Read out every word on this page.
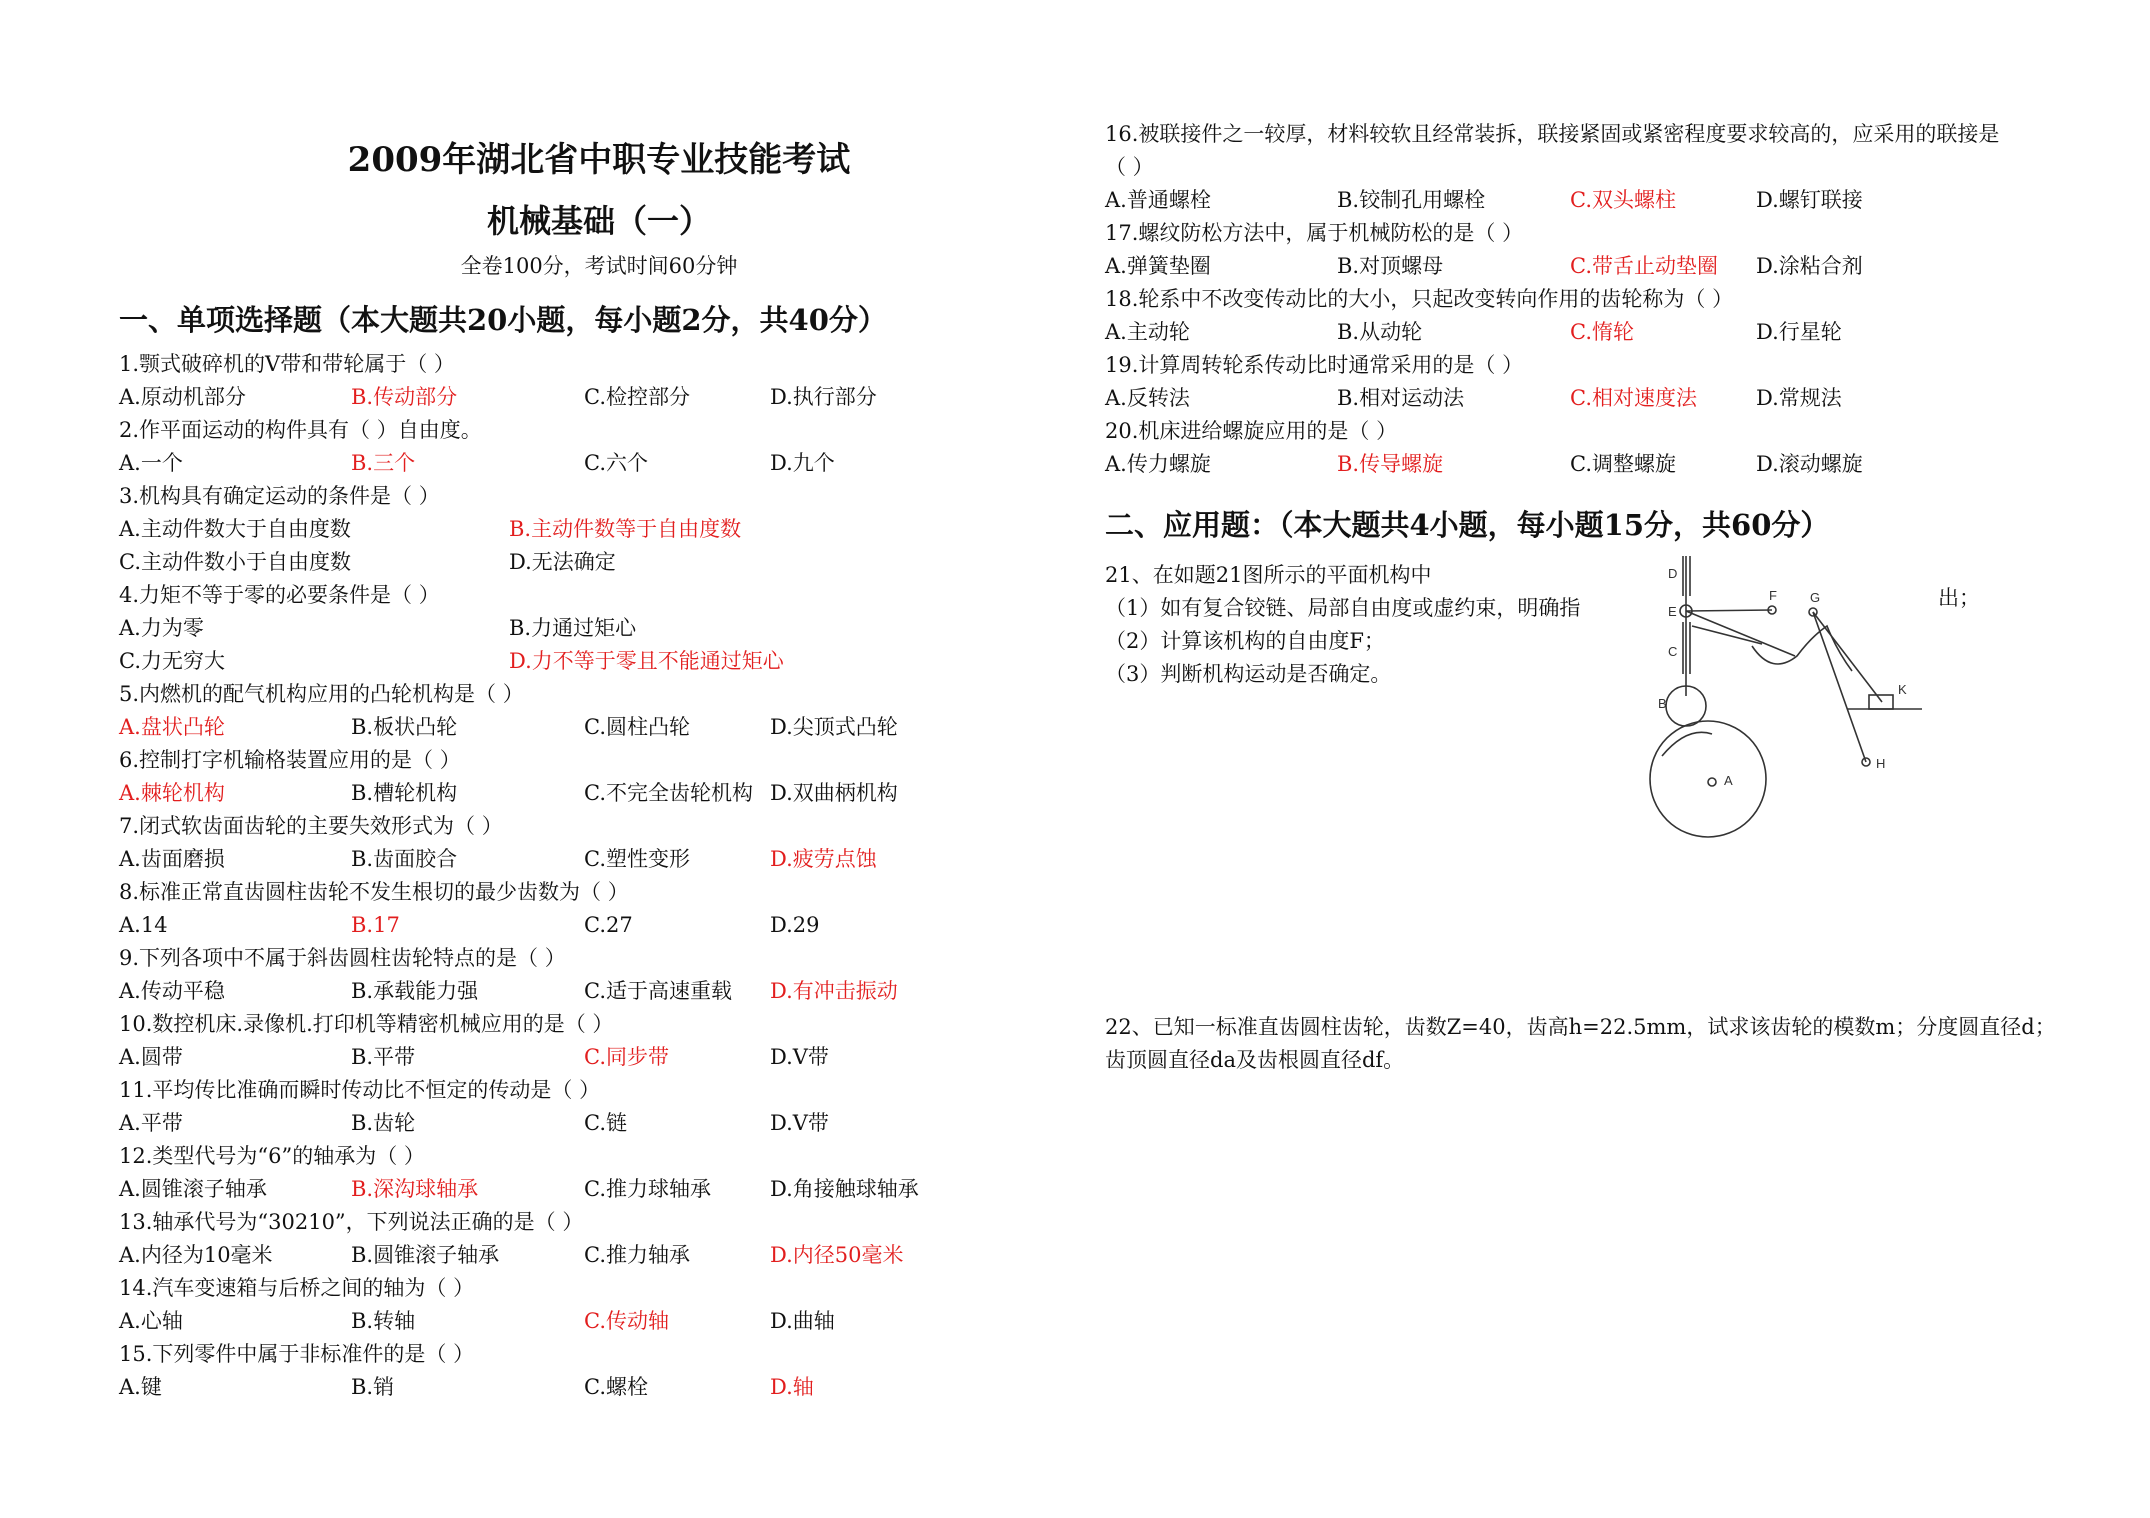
2009年湖北省中职专业技能考试
机械基础（一）
全卷100分，考试时间60分钟
一、单项选择题（本大题共20小题，每小题2分，共40分）
1.颚式破碎机的V带和带轮属于（ ）
A.原动机部分	B.传动部分	C.检控部分	D.执行部分
2.作平面运动的构件具有（ ）自由度。
A.一个	B.三个	C.六个	D.九个
3.机构具有确定运动的条件是（ ）
A.主动件数大于自由度数	B.主动件数等于自由度数
C.主动件数小于自由度数	D.无法确定
4.力矩不等于零的必要条件是（ ）
A.力为零	B.力通过矩心
C.力无穷大	D.力不等于零且不能通过矩心
5.内燃机的配气机构应用的凸轮机构是（ ）
A.盘状凸轮	B.板状凸轮	C.圆柱凸轮	D.尖顶式凸轮
6.控制打字机输格装置应用的是（ ）
A.棘轮机构	B.槽轮机构	C.不完全齿轮机构 D.双曲柄机构
7.闭式软齿面齿轮的主要失效形式为（ ）
A.齿面磨损	B.齿面胶合	C.塑性变形	D.疲劳点蚀
8.标准正常直齿圆柱齿轮不发生根切的最少齿数为（ ）
A.14	B.17	C.27	D.29
9.下列各项中不属于斜齿圆柱齿轮特点的是（ ）
A.传动平稳	B.承载能力强	C.适于高速重载 D.有冲击振动
10.数控机床.录像机.打印机等精密机械应用的是（ ）
A.圆带	B.平带	C.同步带	D.V带
11.平均传比准确而瞬时传动比不恒定的传动是（ ）
A.平带	B.齿轮	C.链	D.V带
12.类型代号为“6”的轴承为（ ）
A.圆锥滚子轴承	B.深沟球轴承	C.推力球轴承	D.角接触球轴承
13.轴承代号为“30210”，下列说法正确的是（ ）
A.内径为10毫米	B.圆锥滚子轴承	C.推力轴承	D.内径50毫米
14.汽车变速箱与后桥之间的轴为（ ）
A.心轴	B.转轴	C.传动轴	D.曲轴
15.下列零件中属于非标准件的是（ ）
A.键	B.销	C.螺栓	D.轴
16.被联接件之一较厚，材料较软且经常装拆，联接紧固或紧密程度要求较高的，应采用的联接是
（ ）
A.普通螺栓	B.铰制孔用螺栓	C.双头螺柱	D.螺钉联接
17.螺纹防松方法中，属于机械防松的是（ ）
A.弹簧垫圈	B.对顶螺母	C.带舌止动垫圈 D.涂粘合剂
18.轮系中不改变传动比的大小，只起改变转向作用的齿轮称为（ ）
A.主动轮	B.从动轮	C.惰轮	D.行星轮
19.计算周转轮系传动比时通常采用的是（ ）
A.反转法	B.相对运动法	C.相对速度法	D.常规法
20.机床进给螺旋应用的是（ ）
A.传力螺旋	B.传导螺旋	C.调整螺旋	D.滚动螺旋
二、应用题：（本大题共4小题，每小题15分，共60分）
21、在如题21图所示的平面机构中
（1）如有复合铰链、局部自由度或虚约束，明确指
（2）计算该机构的自由度F；
（3）判断机构运动是否确定。
22、已知一标准直齿圆柱齿轮，齿数Z=40，齿高h=22.5mm，试求该齿轮的模数m；分度圆直径d；
齿顶圆直径da及齿根圆直径df。
出；
D
E
F	G
C
B
K
H
A
